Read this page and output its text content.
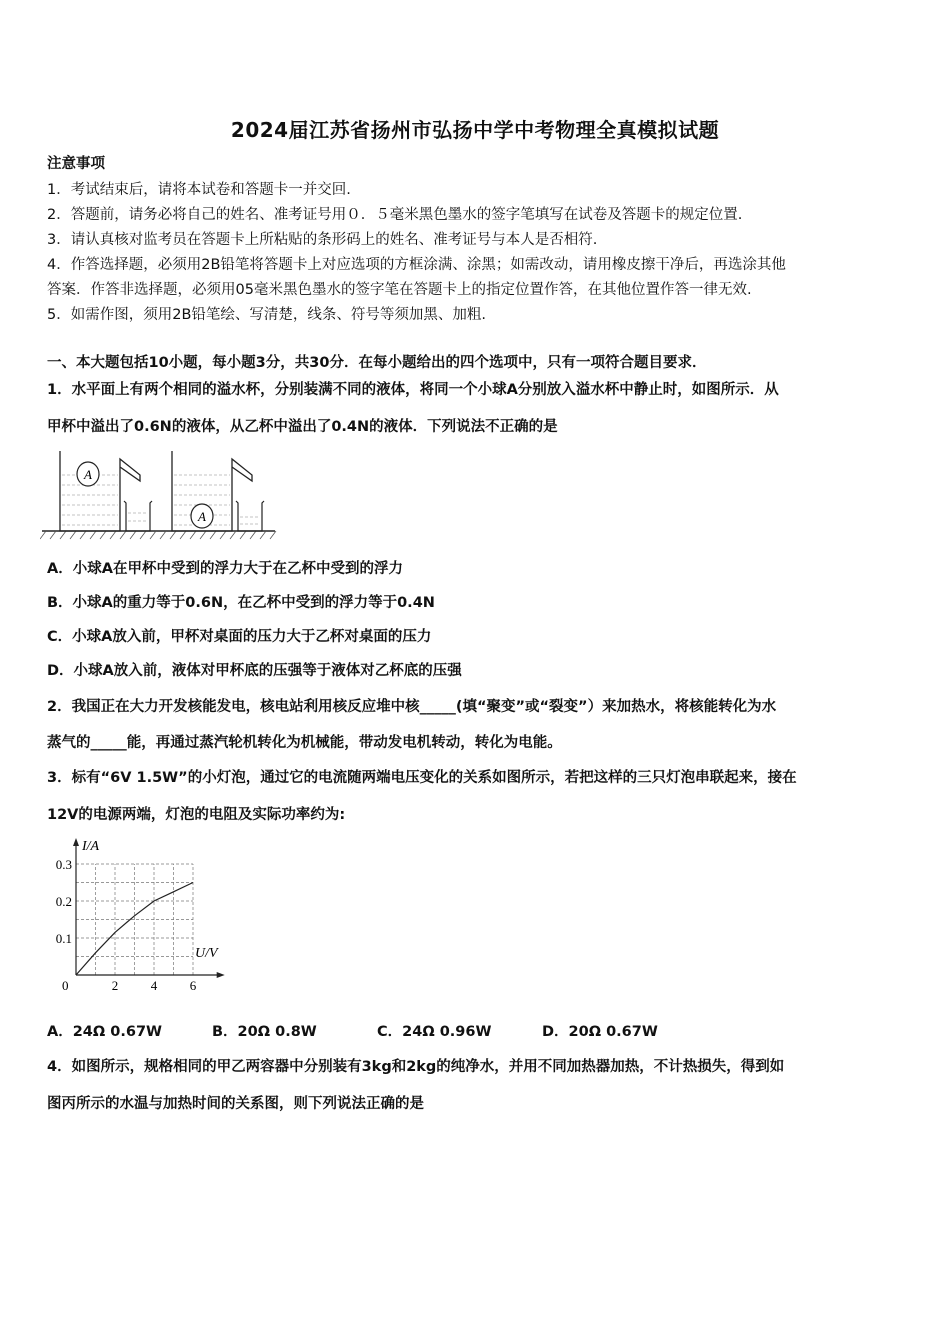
2024届江苏省扬州市弘扬中学中考物理全真模拟试题
注意事项
1．考试结束后，请将本试卷和答题卡一并交回.
2．答题前，请务必将自己的姓名、准考证号用０．５毫米黑色墨水的签字笔填写在试卷及答题卡的规定位置.
3．请认真核对监考员在答题卡上所粘贴的条形码上的姓名、准考证号与本人是否相符.
4．作答选择题，必须用2B铅笔将答题卡上对应选项的方框涂满、涂黑；如需改动，请用橡皮擦干净后，再选涂其他
答案．作答非选择题，必须用05毫米黑色墨水的签字笔在答题卡上的指定位置作答，在其他位置作答一律无效.
5．如需作图，须用2B铅笔绘、写清楚，线条、符号等须加黑、加粗.
一、本大题包括10小题，每小题3分，共30分．在每小题给出的四个选项中，只有一项符合题目要求．
1．水平面上有两个相同的溢水杯，分别装满不同的液体，将同一个小球A分别放入溢水杯中静止时，如图所示．从
甲杯中溢出了0.6N的液体，从乙杯中溢出了0.4N的液体．下列说法不正确的是
A
A
A．小球A在甲杯中受到的浮力大于在乙杯中受到的浮力
B．小球A的重力等于0.6N，在乙杯中受到的浮力等于0.4N
C．小球A放入前，甲杯对桌面的压力大于乙杯对桌面的压力
D．小球A放入前，液体对甲杯底的压强等于液体对乙杯底的压强
2．我国正在大力开发核能发电，核电站利用核反应堆中核_____(填“聚变”或“裂变”）来加热水，将核能转化为水
蒸气的_____能，再通过蒸汽轮机转化为机械能，带动发电机转动，转化为电能。
3．标有“6V 1.5W”的小灯泡，通过它的电流随两端电压变化的关系如图所示，若把这样的三只灯泡串联起来，接在
12V的电源两端，灯泡的电阻及实际功率约为:
2	4	6
0.1
0.2
0.3
U/V
I/A
0
A．24Ω 0.67W	B．20Ω 0.8W	C．24Ω 0.96W	D．20Ω 0.67W
4．如图所示，规格相同的甲乙两容器中分别装有3kg和2kg的纯净水，并用不同加热器加热，不计热损失，得到如
图丙所示的水温与加热时间的关系图，则下列说法正确的是
